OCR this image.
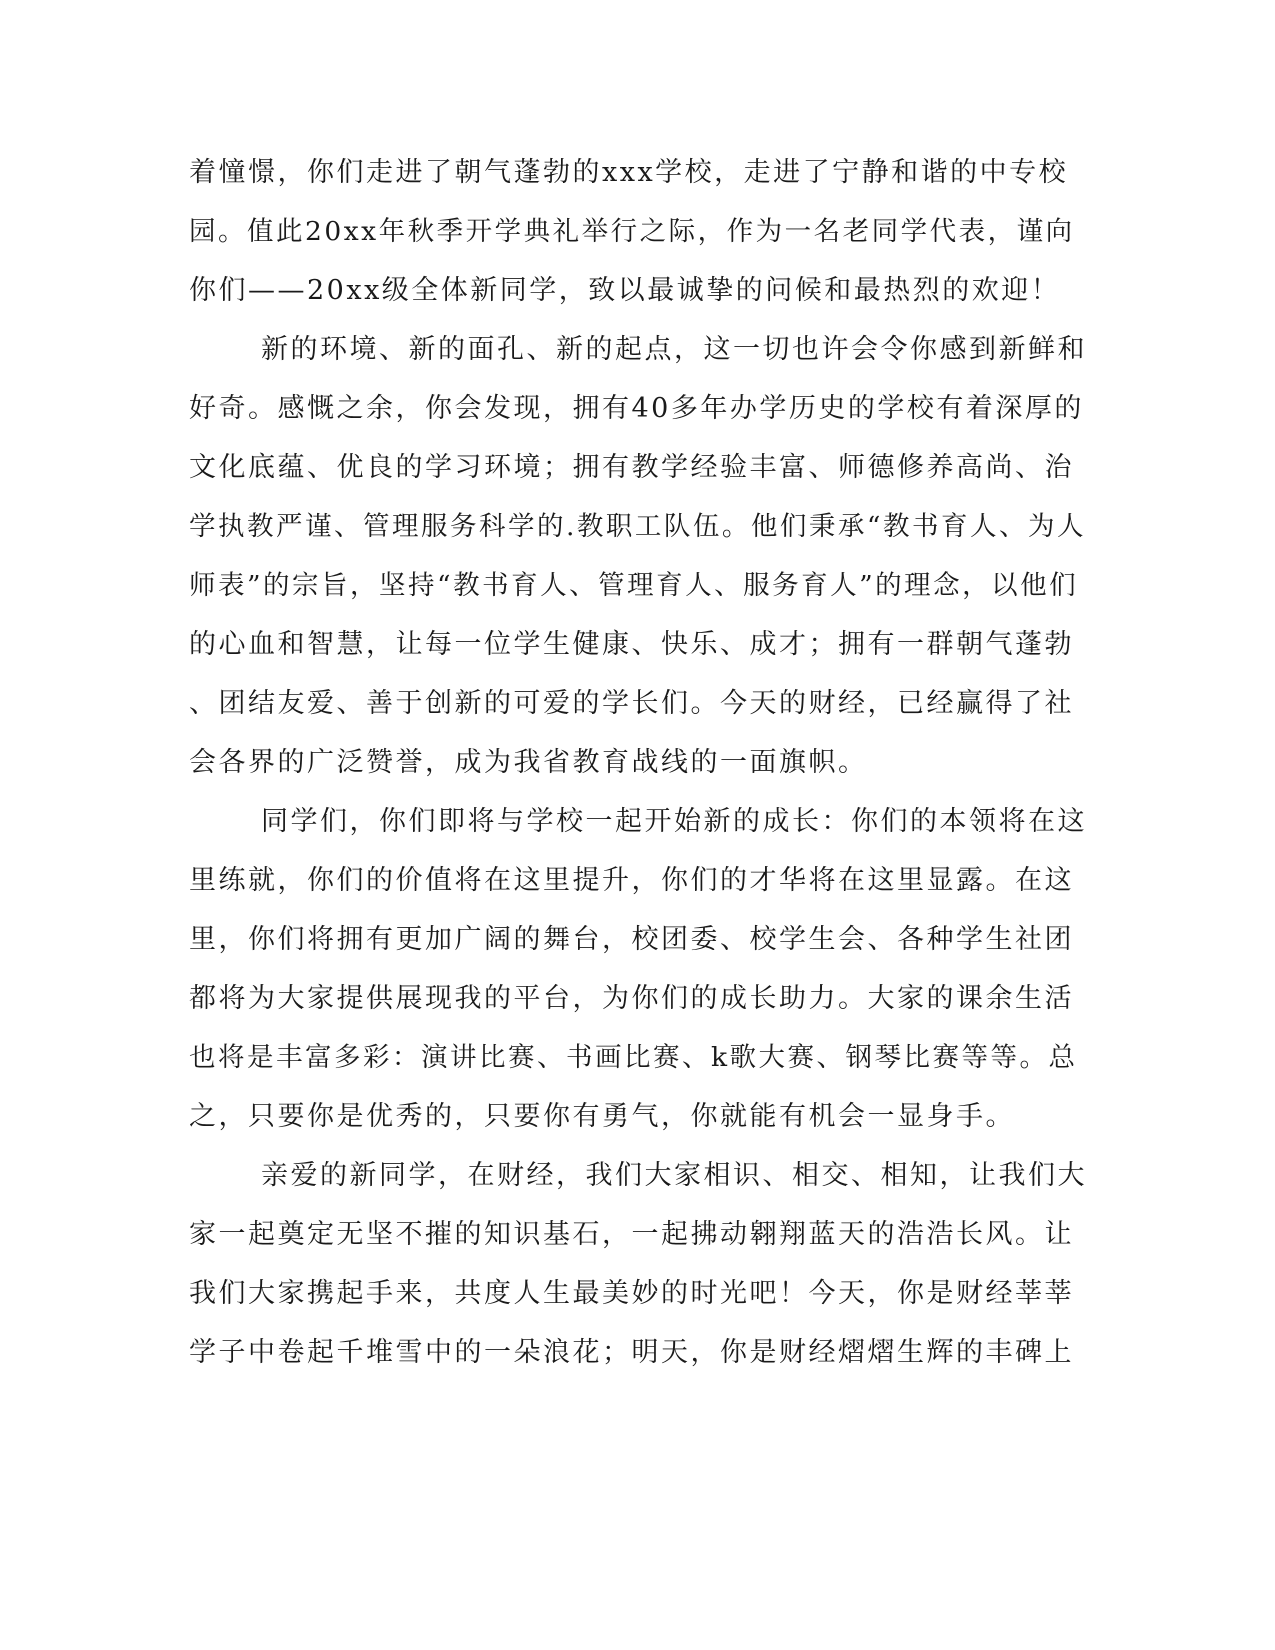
着憧憬，你们走进了朝气蓬勃的xxx学校，走进了宁静和谐的中专校
园。值此20xx年秋季开学典礼举行之际，作为一名老同学代表，谨向
你们——20xx级全体新同学，致以最诚挚的问候和最热烈的欢迎！
新的环境、新的面孔、新的起点，这一切也许会令你感到新鲜和
好奇。感慨之余，你会发现，拥有40多年办学历史的学校有着深厚的
文化底蕴、优良的学习环境；拥有教学经验丰富、师德修养高尚、治
学执教严谨、管理服务科学的.教职工队伍。他们秉承“教书育人、为人
师表”的宗旨，坚持“教书育人、管理育人、服务育人”的理念，以他们
的心血和智慧，让每一位学生健康、快乐、成才；拥有一群朝气蓬勃
、团结友爱、善于创新的可爱的学长们。今天的财经，已经赢得了社
会各界的广泛赞誉，成为我省教育战线的一面旗帜。
同学们，你们即将与学校一起开始新的成长：你们的本领将在这
里练就，你们的价值将在这里提升，你们的才华将在这里显露。在这
里，你们将拥有更加广阔的舞台，校团委、校学生会、各种学生社团
都将为大家提供展现我的平台，为你们的成长助力。大家的课余生活
也将是丰富多彩：演讲比赛、书画比赛、k歌大赛、钢琴比赛等等。总
之，只要你是优秀的，只要你有勇气，你就能有机会一显身手。
亲爱的新同学，在财经，我们大家相识、相交、相知，让我们大
家一起奠定无坚不摧的知识基石，一起拂动翱翔蓝天的浩浩长风。让
我们大家携起手来，共度人生最美妙的时光吧！今天，你是财经莘莘
学子中卷起千堆雪中的一朵浪花；明天，你是财经熠熠生辉的丰碑上
